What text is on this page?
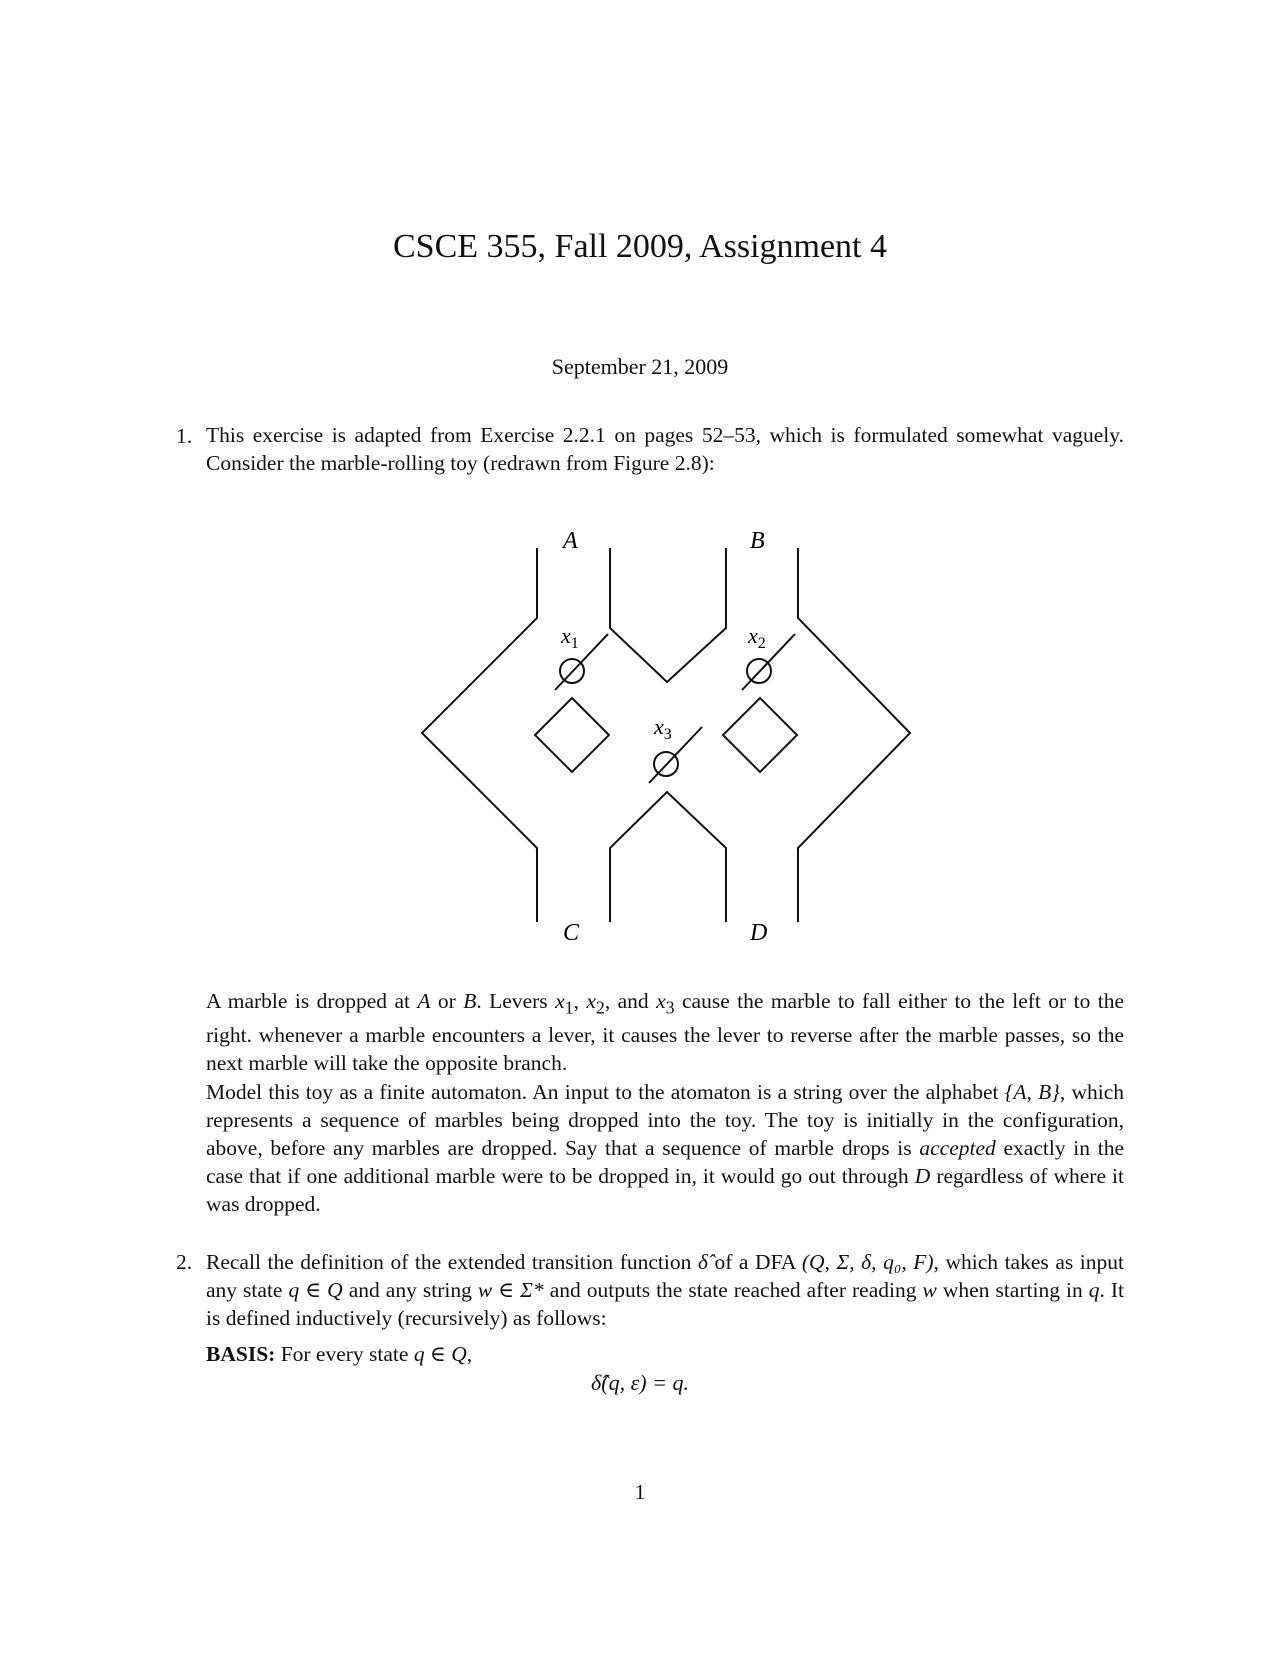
CSCE 355, Fall 2009, Assignment 4
September 21, 2009
1. This exercise is adapted from Exercise 2.2.1 on pages 52–53, which is formulated somewhat vaguely. Consider the marble-rolling toy (redrawn from Figure 2.8):
A	B
C	D
$x_1$	$x_2$
$x_3$
A marble is dropped at A or B. Levers $x_1$, $x_2$, and $x_3$ cause the marble to fall either to the left or to the right. whenever a marble encounters a lever, it causes the lever to reverse after the marble passes, so the next marble will take the opposite branch.
Model this toy as a finite automaton. An input to the atomaton is a string over the alphabet {A, B}, which represents a sequence of marbles being dropped into the toy. The toy is initially in the configuration, above, before any marbles are dropped. Say that a sequence of marble drops is accepted exactly in the case that if one additional marble were to be dropped in, it would go out through D regardless of where it was dropped.
2. Recall the definition of the extended transition function δ̂ of a DFA (Q, Σ, δ, q₀, F), which takes as input any state q ∈ Q and any string w ∈ Σ* and outputs the state reached after reading w when starting in q. It is defined inductively (recursively) as follows:
BASIS: For every state q ∈ Q,
δ̂(q, ε) = q.
1
